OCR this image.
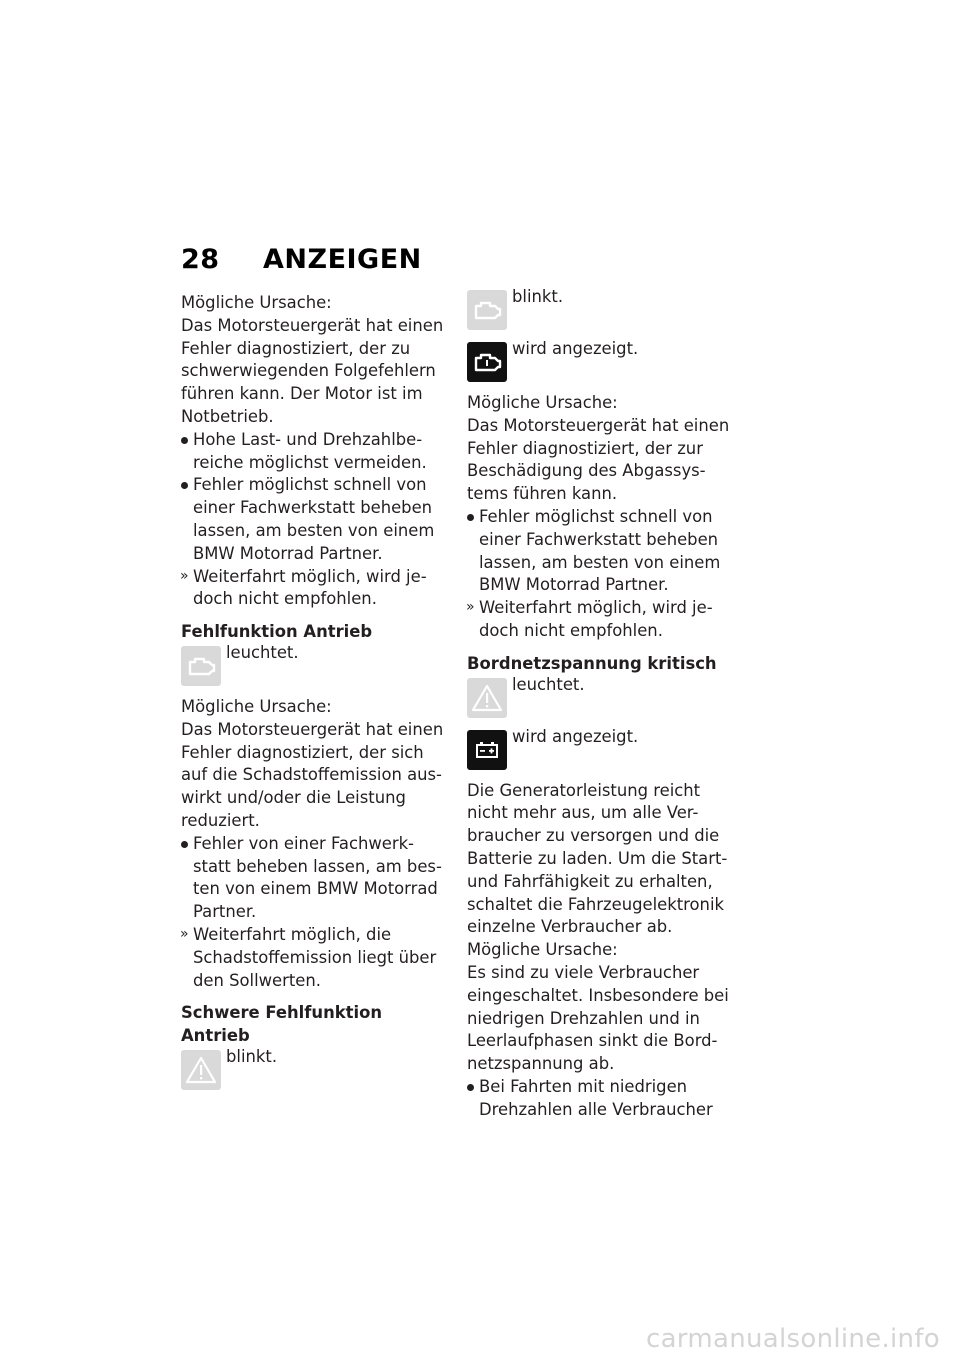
28 ANZEIGEN

Mögliche Ursache:

Das Motorsteuergerät hat einen

Fehler diagnostiziert, der zu

schwerwiegenden Folgefehlern

führen kann. Der Motor ist im

Notbetrieb.

Hohe Last- und Drehzahlbe-
reiche möglichst vermeiden.
Fehler möglichst schnell von
einer Fachwerkstatt beheben
lassen, am besten von einem
BMW Motorrad Partner.
» Weiterfahrt möglich, wird je-
doch nicht empfohlen.
Fehlfunktion Antrieb
leuchtet.

Mögliche Ursache:

Das Motorsteuergerät hat einen

Fehler diagnostiziert, der sich

auf die Schadstoffemission aus-

wirkt und/oder die Leistung

reduziert.

Fehler von einer Fachwerk-
statt beheben lassen, am bes-
ten von einem BMW Motorrad
Partner.
» Weiterfahrt möglich, die
Schadstoffemission liegt über
den Sollwerten.
Schwere Fehlfunktion Antrieb
blinkt.
blinkt.
wird angezeigt.

Mögliche Ursache:

Das Motorsteuergerät hat einen

Fehler diagnostiziert, der zur

Beschädigung des Abgassys-

tems führen kann.

Fehler möglichst schnell von
einer Fachwerkstatt beheben
lassen, am besten von einem
BMW Motorrad Partner.
» Weiterfahrt möglich, wird je-
doch nicht empfohlen.
Bordnetzspannung kritisch
leuchtet.
wird angezeigt.

Die Generatorleistung reicht

nicht mehr aus, um alle Ver-

braucher zu versorgen und die

Batterie zu laden. Um die Start-

und Fahrfähigkeit zu erhalten,

schaltet die Fahrzeugelektronik

einzelne Verbraucher ab.

Mögliche Ursache:

Es sind zu viele Verbraucher

eingeschaltet. Insbesondere bei

niedrigen Drehzahlen und in

Leerlaufphasen sinkt die Bord-

netzspannung ab.

Bei Fahrten mit niedrigen
Drehzahlen alle Verbraucher
carmanualsonline.info
